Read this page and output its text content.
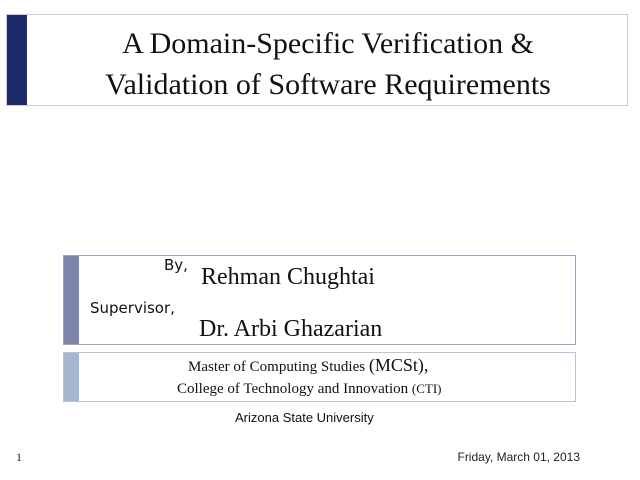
A Domain-Specific Verification &
Validation of Software Requirements
By, Rehman Chughtai
Supervisor,
Dr. Arbi Ghazarian
Master of Computing Studies (MCSt),
College of Technology and Innovation (CTI)
Arizona State University
1	Friday, March 01, 2013
